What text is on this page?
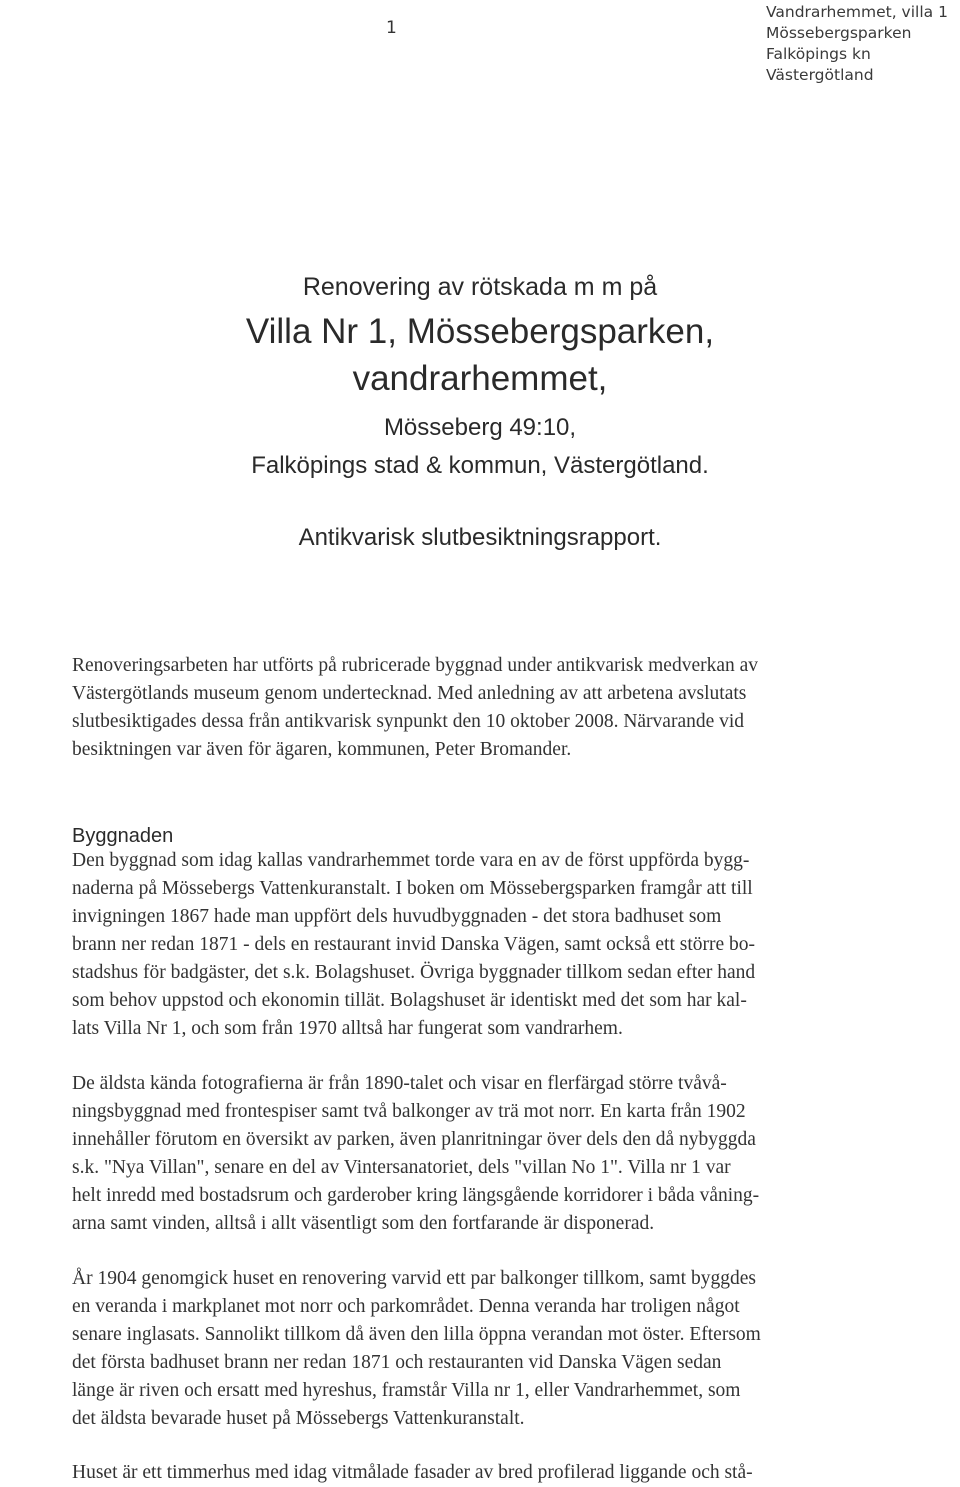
1
Vandrarhemmet, villa 1
Mössebergsparken
Falköpings kn
Västergötland
Renovering av rötskada m m på
Villa Nr 1, Mössebergsparken,
vandrarhemmet,
Mösseberg 49:10,
Falköpings stad & kommun, Västergötland.
Antikvarisk slutbesiktningsrapport.
Renoveringsarbeten har utförts på rubricerade byggnad under antikvarisk medverkan av
Västergötlands museum genom undertecknad. Med anledning av att arbetena avslutats
slutbesiktigades dessa från antikvarisk synpunkt den 10 oktober 2008. Närvarande vid
besiktningen var även för ägaren, kommunen, Peter Bromander.
Byggnaden
Den byggnad som idag kallas vandrarhemmet torde vara en av de först uppförda bygg-
naderna på Mössebergs Vattenkuranstalt. I boken om Mössebergsparken framgår att till
invigningen 1867 hade man uppfört dels huvudbyggnaden - det stora badhuset som
brann ner redan 1871 - dels en restaurant invid Danska Vägen, samt också ett större bo-
stadshus för badgäster, det s.k. Bolagshuset. Övriga byggnader tillkom sedan efter hand
som behov uppstod och ekonomin tillät. Bolagshuset är identiskt med det som har kal-
lats Villa Nr 1, och som från 1970 alltså har fungerat som vandrarhem.
De äldsta kända fotografierna är från 1890-talet och visar en flerfärgad större tvåvå-
ningsbyggnad med frontespiser samt två balkonger av trä mot norr. En karta från 1902
innehåller förutom en översikt av parken, även planritningar över dels den då nybyggda
s.k. "Nya Villan", senare en del av Vintersanatoriet, dels "villan No 1". Villa nr 1 var
helt inredd med bostadsrum och garderober kring längsgående korridorer i båda våning-
arna samt vinden, alltså i allt väsentligt som den fortfarande är disponerad.
År 1904 genomgick huset en renovering varvid ett par balkonger tillkom, samt byggdes
en veranda i markplanet mot norr och parkområdet. Denna veranda har troligen något
senare inglasats. Sannolikt tillkom då även den lilla öppna verandan mot öster. Eftersom
det första badhuset brann ner redan 1871 och restauranten vid Danska Vägen sedan
länge är riven och ersatt med hyreshus, framstår Villa nr 1, eller Vandrarhemmet, som
det äldsta bevarade huset på Mössebergs Vattenkuranstalt.
Huset är ett timmerhus med idag vitmålade fasader av bred profilerad liggande och stå-
